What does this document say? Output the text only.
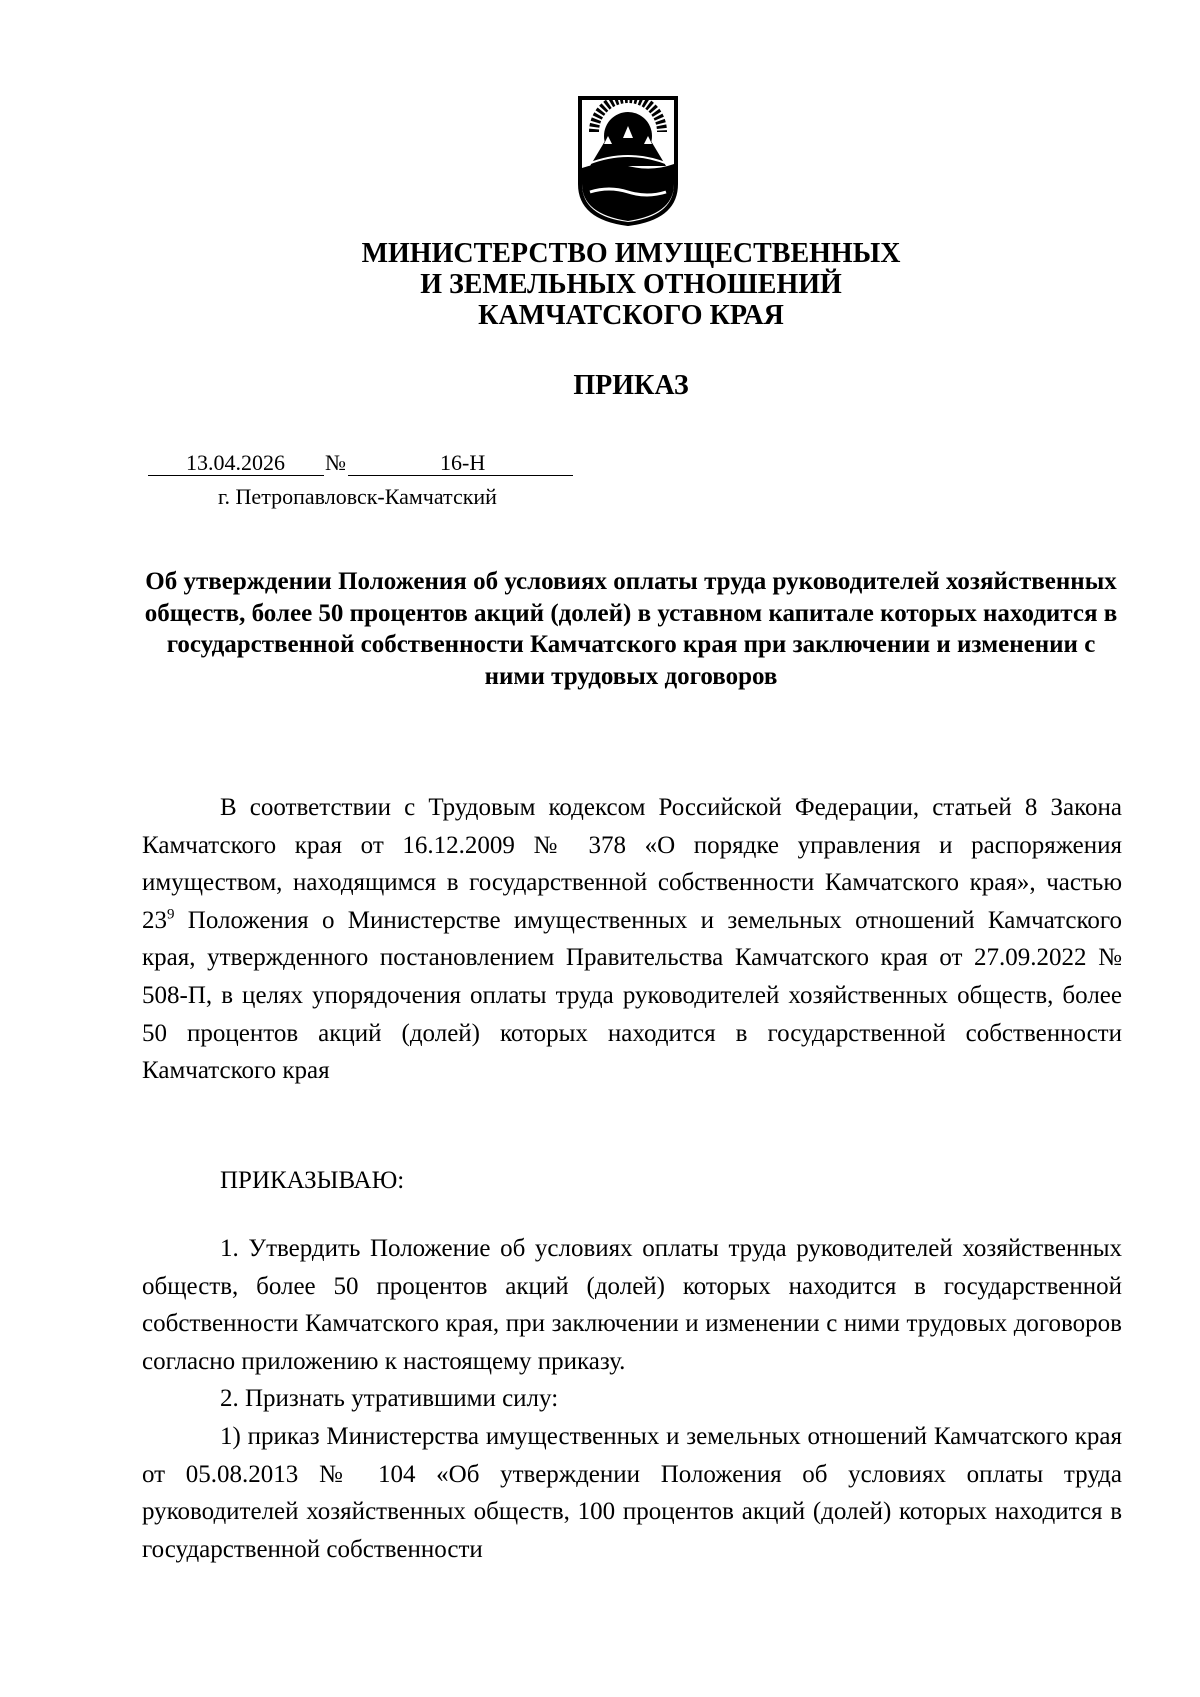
МИНИСТЕРСТВО ИМУЩЕСТВЕННЫХ
И ЗЕМЕЛЬНЫХ ОТНОШЕНИЙ
КАМЧАТСКОГО КРАЯ
ПРИКАЗ
13.04.2026 №	16-Н
г. Петропавловск-Камчатский
Об утверждении Положения об условиях оплаты труда руководителей хозяйственных обществ, более 50 процентов акций (долей) в уставном капитале которых находится в государственной собственности Камчатского края при заключении и изменении с ними трудовых договоров
В соответствии с Трудовым кодексом Российской Федерации, статьей 8 Закона Камчатского края от 16.12.2009 № 378 «О порядке управления и распоряжения имуществом, находящимся в государственной собственности Камчатского края», частью $23^9$ Положения о Министерстве имущественных и земельных отношений Камчатского края, утвержденного постановлением Правительства Камчатского края от 27.09.2022 № 508-П, в целях упорядочения оплаты труда руководителей хозяйственных обществ, более 50 процентов акций (долей) которых находится в государственной собственности Камчатского края
ПРИКАЗЫВАЮ:
1. Утвердить Положение об условиях оплаты труда руководителей хозяйственных обществ, более 50 процентов акций (долей) которых находится в государственной собственности Камчатского края, при заключении и изменении с ними трудовых договоров согласно приложению к настоящему приказу.
2. Признать утратившими силу:
1) приказ Министерства имущественных и земельных отношений Камчатского края от 05.08.2013 № 104 «Об утверждении Положения об условиях оплаты труда руководителей хозяйственных обществ, 100 процентов акций (долей) которых находится в государственной собственности
